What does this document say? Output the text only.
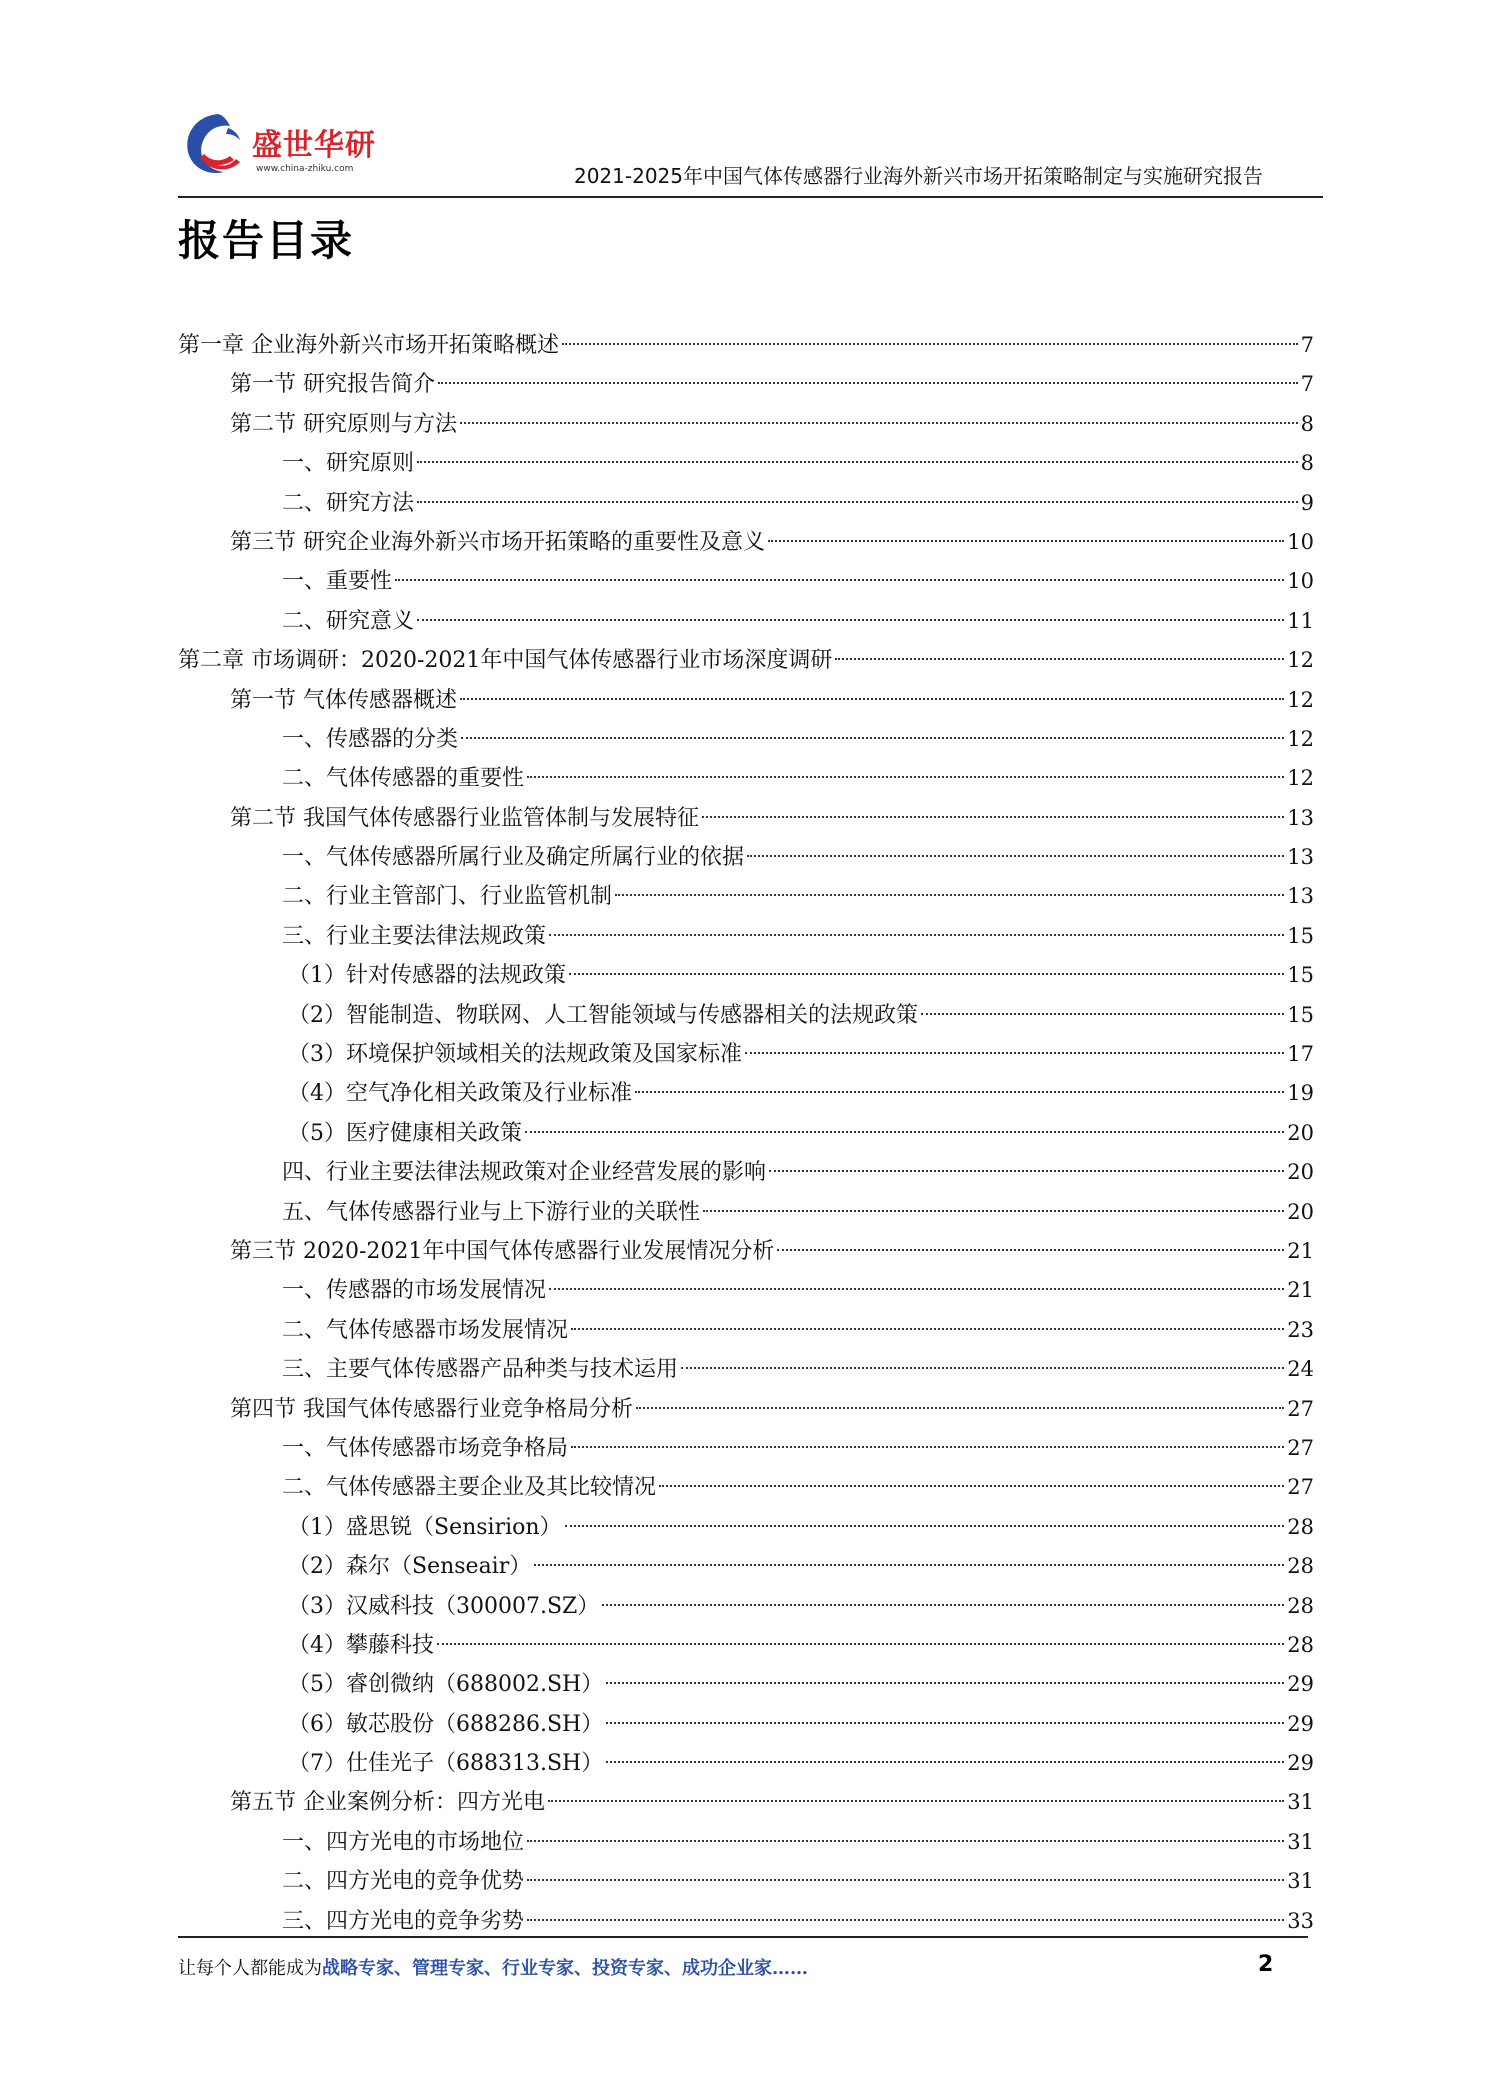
盛世华研
www.china-zhiku.com	2021-2025年中国气体传感器行业海外新兴市场开拓策略制定与实施研究报告
报告目录
第一章 企业海外新兴市场开拓策略概述	7
第一节 研究报告简介	7
第二节 研究原则与方法	8
一、研究原则	8
二、研究方法	9
第三节 研究企业海外新兴市场开拓策略的重要性及意义	10
一、重要性	10
二、研究意义	11
第二章 市场调研：2020-2021年中国气体传感器行业市场深度调研	12
第一节 气体传感器概述	12
一、传感器的分类	12
二、气体传感器的重要性	12
第二节 我国气体传感器行业监管体制与发展特征	13
一、气体传感器所属行业及确定所属行业的依据	13
二、行业主管部门、行业监管机制	13
三、行业主要法律法规政策	15
（1）针对传感器的法规政策	15
（2）智能制造、物联网、人工智能领域与传感器相关的法规政策	15
（3）环境保护领域相关的法规政策及国家标准	17
（4）空气净化相关政策及行业标准	19
（5）医疗健康相关政策	20
四、行业主要法律法规政策对企业经营发展的影响	20
五、气体传感器行业与上下游行业的关联性	20
第三节 2020-2021年中国气体传感器行业发展情况分析	21
一、传感器的市场发展情况	21
二、气体传感器市场发展情况	23
三、主要气体传感器产品种类与技术运用	24
第四节 我国气体传感器行业竞争格局分析	27
一、气体传感器市场竞争格局	27
二、气体传感器主要企业及其比较情况	27
（1）盛思锐（Sensirion）	28
（2）森尔（Senseair）	28
（3）汉威科技（300007.SZ）	28
（4）攀藤科技	28
（5）睿创微纳（688002.SH）	29
（6）敏芯股份（688286.SH）	29
（7）仕佳光子（688313.SH）	29
第五节 企业案例分析：四方光电	31
一、四方光电的市场地位	31
二、四方光电的竞争优势	31
三、四方光电的竞争劣势	33
让每个人都能成为战略专家、管理专家、行业专家、投资专家、成功企业家……	2
